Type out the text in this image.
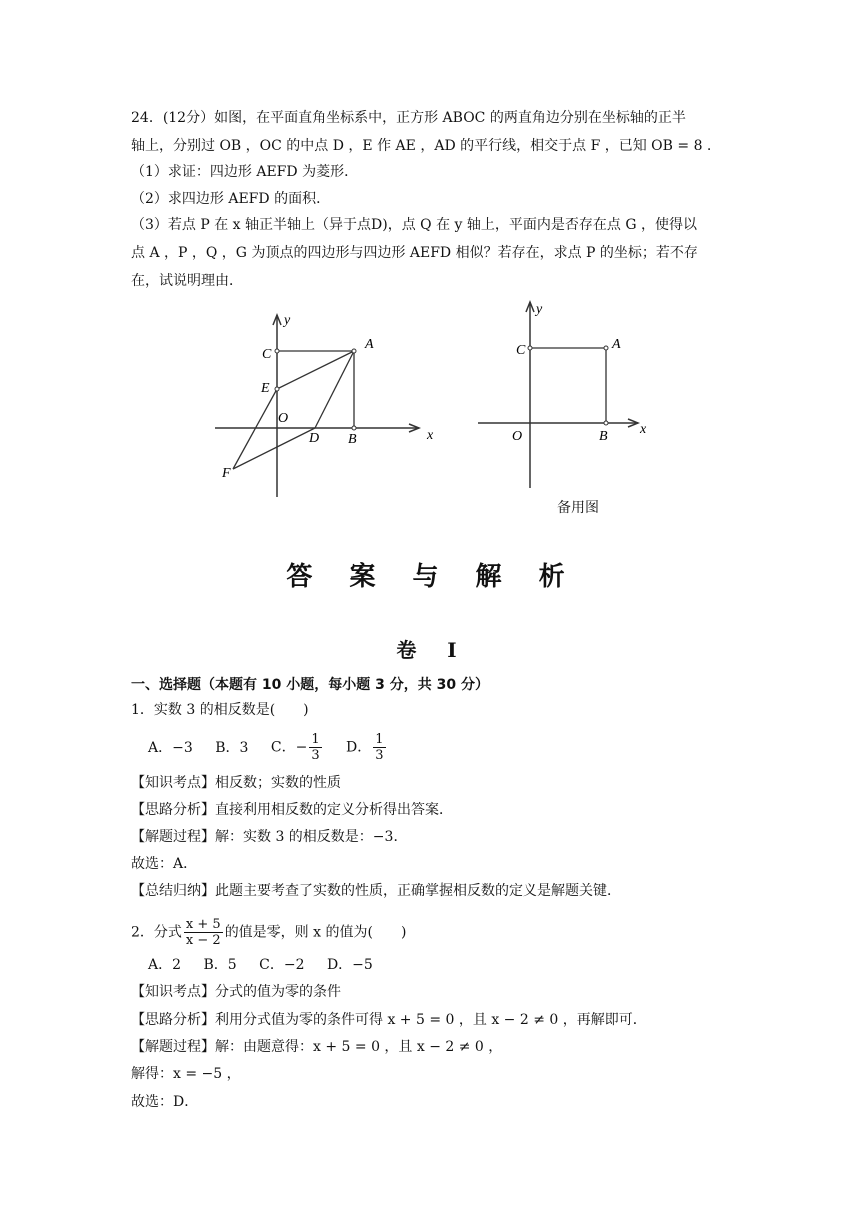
24．(12分）如图，在平面直角坐标系中，正方形 ABOC 的两直角边分别在坐标轴的正半
轴上，分别过 OB ，OC 的中点 D ，E 作 AE ，AD 的平行线，相交于点 F ，已知 OB = 8 .
（1）求证：四边形 AEFD 为菱形．
（2）求四边形 AEFD 的面积．
（3）若点 P 在 x 轴正半轴上（异于点D)，点 Q 在 y 轴上，平面内是否存在点 G ，使得以
点 A ，P ，Q ，G 为顶点的四边形与四边形 AEFD 相似？若存在，求点 P 的坐标；若不存
在，试说明理由．
y
x
C
A
E
O
D B
F
y
x
C	A
O	B
备用图
答 案 与 解 析
卷 I
一、选择题（本题有 10 小题，每小题 3 分，共 30 分）
1．实数 3 的相反数是(　　)
A．−3 B．3 C．− $\frac{1}{3}$ D． $\frac{1}{3}$
【知识考点】相反数；实数的性质
【思路分析】直接利用相反数的定义分析得出答案．
【解题过程】解：实数 3 的相反数是：−3．
故选：A．
【总结归纳】此题主要考查了实数的性质，正确掌握相反数的定义是解题关键．
2．分式 $\frac{x + 5}{x - 2}$ 的值是零，则 x 的值为(　　)
A．2 B．5 C．−2 D．−5
【知识考点】分式的值为零的条件
【思路分析】利用分式值为零的条件可得 x + 5 = 0 ，且 x − 2 ≠ 0 ，再解即可．
【解题过程】解：由题意得：x + 5 = 0 ，且 x − 2 ≠ 0 ，
解得：x = −5 ，
故选：D．
